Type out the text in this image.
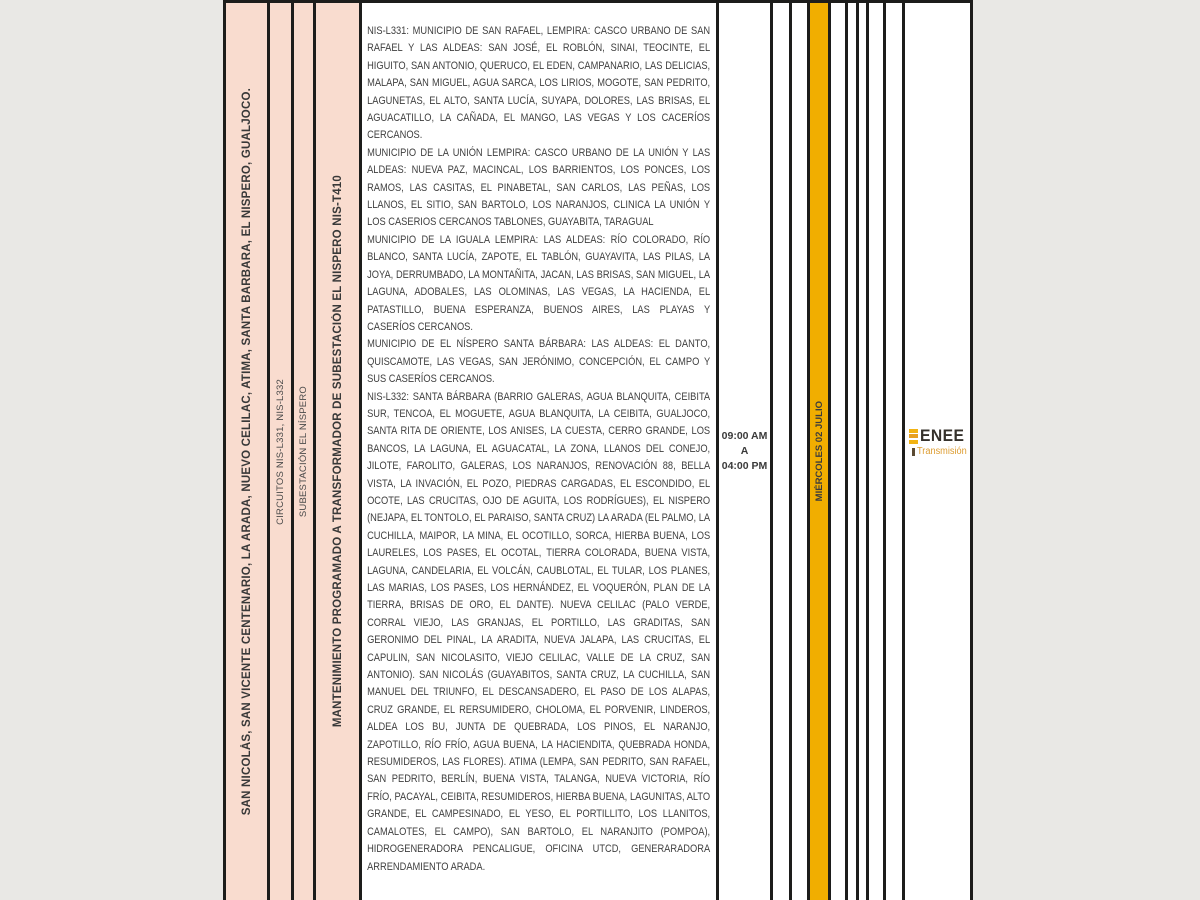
SAN NICOLÁS, SAN VICENTE CENTENARIO, LA ARADA, NUEVO CELILAC, ATIMA, SANTA BARBARA, EL NISPERO, GUALJOCO. CIRCUITOS NIS-L331, NIS-L332 SUBESTACIÓN EL NÍSPERO MANTENIMIENTO PROGRAMADO A TRANSFORMADOR DE SUBESTACIÓN EL NISPERO NIS-T410

NIS-L331: MUNICIPIO DE SAN RAFAEL, LEMPIRA: CASCO URBANO DE SAN RAFAEL Y LAS ALDEAS: SAN JOSÉ, EL ROBLÓN, SINAI, TEOCINTE, EL HIGUITO, SAN ANTONIO, QUERUCO, EL EDEN, CAMPANARIO, LAS DELICIAS, MALAPA, SAN MIGUEL, AGUA SARCA, LOS LIRIOS, MOGOTE, SAN PEDRITO, LAGUNETAS, EL ALTO, SANTA LUCÍA, SUYAPA, DOLORES, LAS BRISAS, EL AGUACATILLO, LA CAÑADA, EL MANGO, LAS VEGAS Y LOS CACERÍOS CERCANOS.

MUNICIPIO DE LA UNIÓN LEMPIRA: CASCO URBANO DE LA UNIÓN Y LAS ALDEAS: NUEVA PAZ, MACINCAL, LOS BARRIENTOS, LOS PONCES, LOS RAMOS, LAS CASITAS, EL PINABETAL, SAN CARLOS, LAS PEÑAS, LOS LLANOS, EL SITIO, SAN BARTOLO, LOS NARANJOS, CLINICA LA UNIÓN Y LOS CASERIOS CERCANOS TABLONES, GUAYABITA, TARAGUAL

MUNICIPIO DE LA IGUALA LEMPIRA: LAS ALDEAS: RÍO COLORADO, RÍO BLANCO, SANTA LUCÍA, ZAPOTE, EL TABLÓN, GUAYAVITA, LAS PILAS, LA JOYA, DERRUMBADO, LA MONTAÑITA, JACAN, LAS BRISAS, SAN MIGUEL, LA LAGUNA, ADOBALES, LAS OLOMINAS, LAS VEGAS, LA HACIENDA, EL PATASTILLO, BUENA ESPERANZA, BUENOS AIRES, LAS PLAYAS Y CASERÍOS CERCANOS.

MUNICIPIO DE EL NÍSPERO SANTA BÁRBARA: LAS ALDEAS: EL DANTO, QUISCAMOTE, LAS VEGAS, SAN JERÓNIMO, CONCEPCIÓN, EL CAMPO Y SUS CASERÍOS CERCANOS.

NIS-L332: SANTA BÁRBARA (BARRIO GALERAS, AGUA BLANQUITA, CEIBITA SUR, TENCOA, EL MOGUETE, AGUA BLANQUITA, LA CEIBITA, GUALJOCO, SANTA RITA DE ORIENTE, LOS ANISES, LA CUESTA, CERRO GRANDE, LOS BANCOS, LA LAGUNA, EL AGUACATAL, LA ZONA, LLANOS DEL CONEJO, JILOTE, FAROLITO, GALERAS, LOS NARANJOS, RENOVACIÓN 88, BELLA VISTA, LA INVACIÓN, EL POZO, PIEDRAS CARGADAS, EL ESCONDIDO, EL OCOTE, LAS CRUCITAS, OJO DE AGUITA, LOS RODRÍGUES), EL NISPERO (NEJAPA, EL TONTOLO, EL PARAISO, SANTA CRUZ) LA ARADA (EL PALMO, LA CUCHILLA, MAIPOR, LA MINA, EL OCOTILLO, SORCA, HIERBA BUENA, LOS LAURELES, LOS PASES, EL OCOTAL, TIERRA COLORADA, BUENA VISTA, LAGUNA, CANDELARIA, EL VOLCÁN, CAUBLOTAL, EL TULAR, LOS PLANES, LAS MARIAS, LOS PASES, LOS HERNÁNDEZ, EL VOQUERÓN, PLAN DE LA TIERRA, BRISAS DE ORO, EL DANTE). NUEVA CELILAC (PALO VERDE, CORRAL VIEJO, LAS GRANJAS, EL PORTILLO, LAS GRADITAS, SAN GERONIMO DEL PINAL, LA ARADITA, NUEVA JALAPA, LAS CRUCITAS, EL CAPULIN, SAN NICOLASITO, VIEJO CELILAC, VALLE DE LA CRUZ, SAN ANTONIO). SAN NICOLÁS (GUAYABITOS, SANTA CRUZ, LA CUCHILLA, SAN MANUEL DEL TRIUNFO, EL DESCANSADERO, EL PASO DE LOS ALAPAS, CRUZ GRANDE, EL RERSUMIDERO, CHOLOMA, EL PORVENIR, LINDEROS, ALDEA LOS BU, JUNTA DE QUEBRADA, LOS PINOS, EL NARANJO, ZAPOTILLO, RÍO FRÍO, AGUA BUENA, LA HACIENDITA, QUEBRADA HONDA, RESUMIDEROS, LAS FLORES). ATIMA (LEMPA, SAN PEDRITO, SAN RAFAEL, SAN PEDRITO, BERLÍN, BUENA VISTA, TALANGA, NUEVA VICTORIA, RÍO FRÍO, PACAYAL, CEIBITA, RESUMIDEROS, HIERBA BUENA, LAGUNITAS, ALTO GRANDE, EL CAMPESINADO, EL YESO, EL PORTILLITO, LOS LLANITOS, CAMALOTES, EL CAMPO), SAN BARTOLO, EL NARANJITO (POMPOA), HIDROGENERADORA PENCALIGUE, OFICINA UTCD, GENERARADORA ARRENDAMIENTO ARADA.

09:00 AM A
04:00 PM	MIÉRCOLES 02 JULIO	ENEE
Transmisión
